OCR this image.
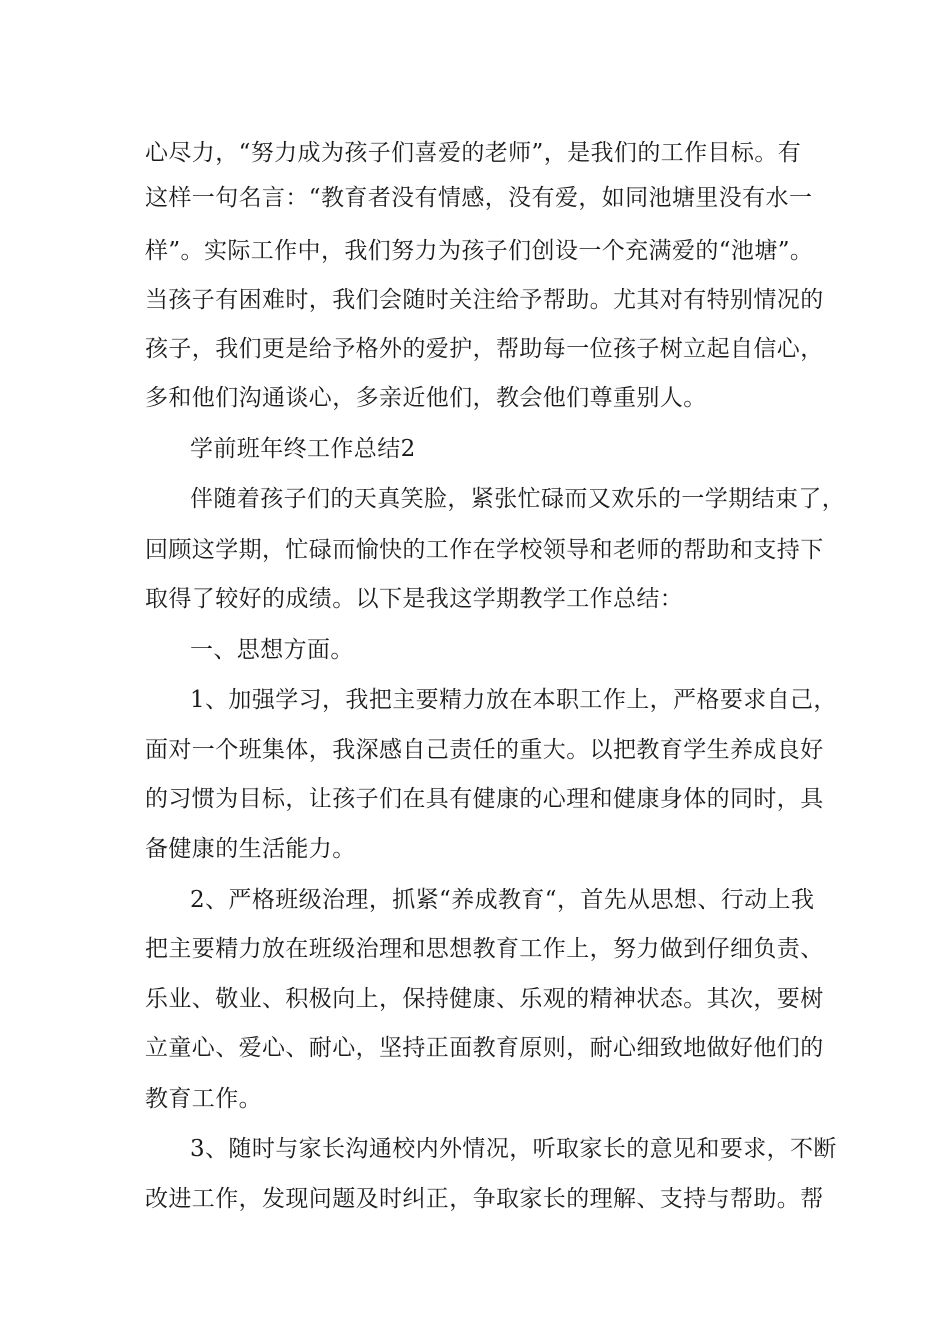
心尽力，“努力成为孩子们喜爱的老师”，是我们的工作目标。有
这样一句名言：“教育者没有情感，没有爱，如同池塘里没有水一
样”。实际工作中，我们努力为孩子们创设一个充满爱的“池塘”。
当孩子有困难时，我们会随时关注给予帮助。尤其对有特别情况的
孩子，我们更是给予格外的爱护，帮助每一位孩子树立起自信心，
多和他们沟通谈心，多亲近他们，教会他们尊重别人。
学前班年终工作总结2
伴随着孩子们的天真笑脸，紧张忙碌而又欢乐的一学期结束了，
回顾这学期，忙碌而愉快的工作在学校领导和老师的帮助和支持下
取得了较好的成绩。以下是我这学期教学工作总结：
一、思想方面。
1、加强学习，我把主要精力放在本职工作上，严格要求自己，
面对一个班集体，我深感自己责任的重大。以把教育学生养成良好
的习惯为目标，让孩子们在具有健康的心理和健康身体的同时，具
备健康的生活能力。
2、严格班级治理，抓紧“养成教育“，首先从思想、行动上我
把主要精力放在班级治理和思想教育工作上，努力做到仔细负责、
乐业、敬业、积极向上，保持健康、乐观的精神状态。其次，要树
立童心、爱心、耐心，坚持正面教育原则，耐心细致地做好他们的
教育工作。
3、随时与家长沟通校内外情况，听取家长的意见和要求，不断
改进工作，发现问题及时纠正，争取家长的理解、支持与帮助。帮
